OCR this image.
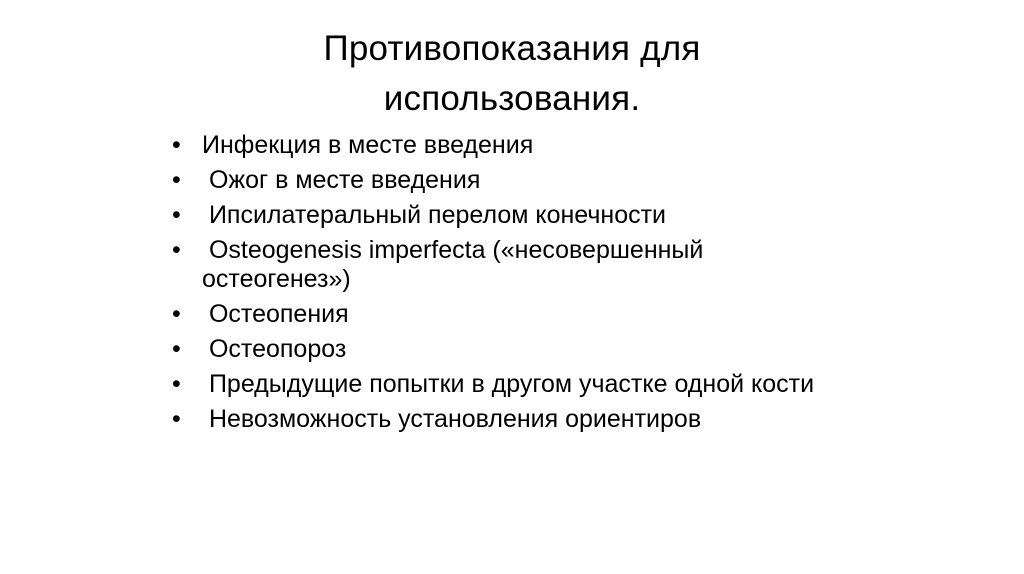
Противопоказания для
использования.
• Инфекция в месте введения
• Ожог в месте введения
• Ипсилатеральный перелом конечности
• Osteogenesis imperfecta («несовершенный остеогенез»)
• Остеопения
• Остеопороз
• Предыдущие попытки в другом участке одной кости
• Невозможность установления ориентиров
